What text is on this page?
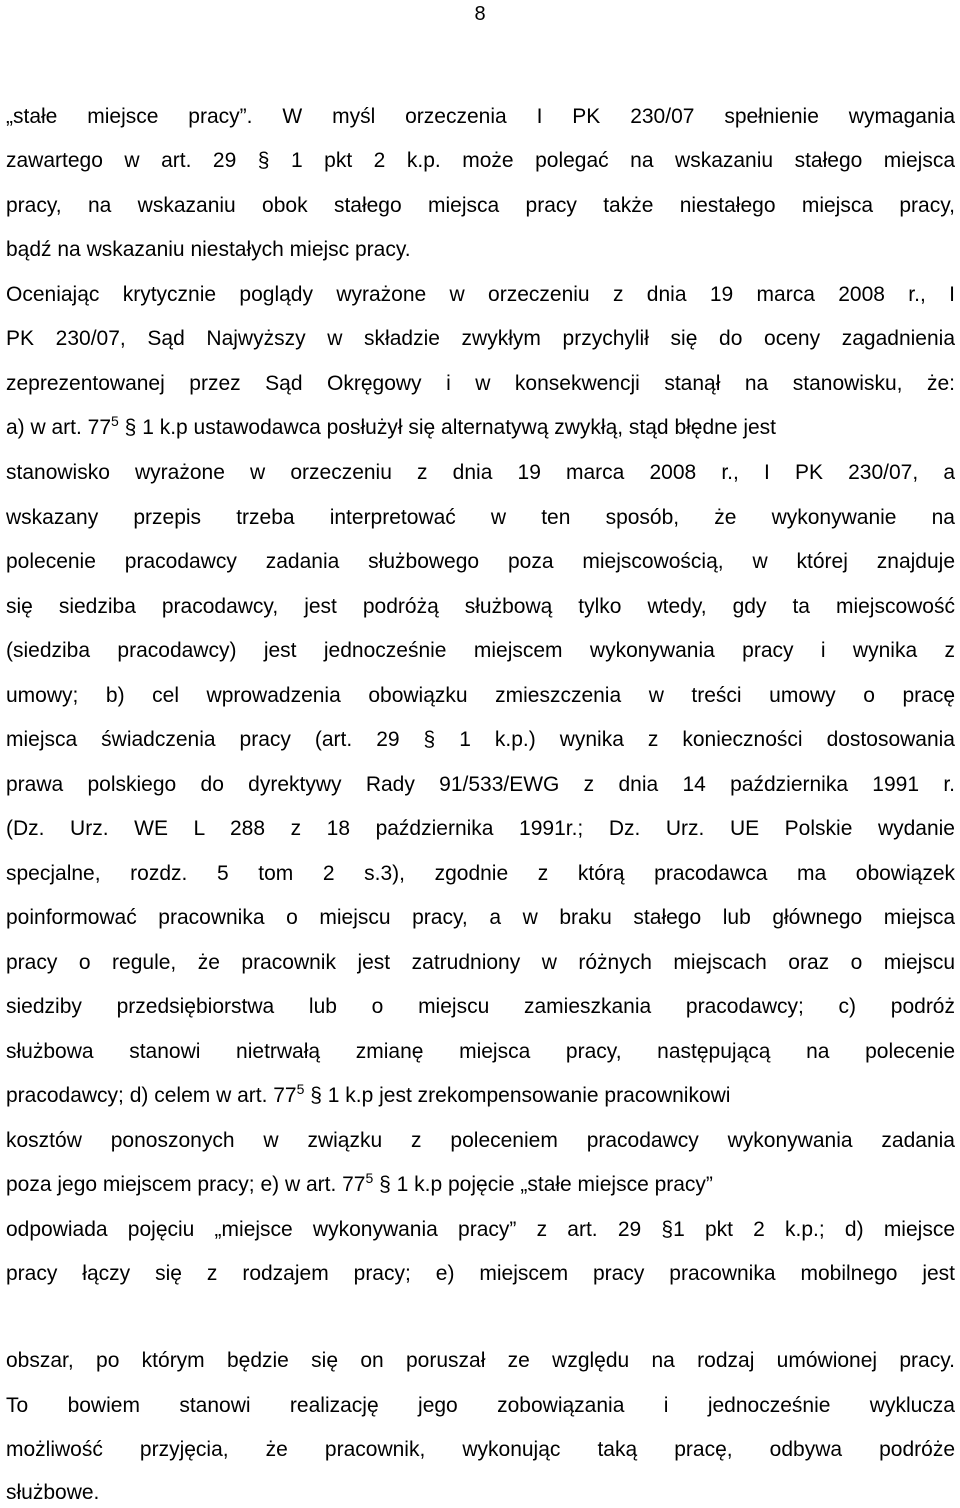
8
„stałe miejsce pracy”. W myśl orzeczenia I PK 230/07 spełnienie wymagania
zawartego w art. 29 § 1 pkt 2 k.p. może polegać na wskazaniu stałego miejsca
pracy, na wskazaniu obok stałego miejsca pracy także niestałego miejsca pracy,
bądź na wskazaniu niestałych miejsc pracy.
Oceniając krytycznie poglądy wyrażone w orzeczeniu z dnia 19 marca 2008 r., I
PK 230/07, Sąd Najwyższy w składzie zwykłym przychylił się do oceny zagadnienia
zeprezentowanej przez Sąd Okręgowy i w konsekwencji stanął na stanowisku, że:
a) w art. $77^5$ § 1 k.p ustawodawca posłużył się alternatywą zwykłą, stąd błędne jest
stanowisko wyrażone w orzeczeniu z dnia 19 marca 2008 r., I PK 230/07, a
wskazany przepis trzeba interpretować w ten sposób, że wykonywanie na
polecenie pracodawcy zadania służbowego poza miejscowością, w której znajduje
się siedziba pracodawcy, jest podróżą służbową tylko wtedy, gdy ta miejscowość
(siedziba pracodawcy) jest jednocześnie miejscem wykonywania pracy i wynika z
umowy; b) cel wprowadzenia obowiązku zmieszczenia w treści umowy o pracę
miejsca świadczenia pracy (art. 29 § 1 k.p.) wynika z konieczności dostosowania
prawa polskiego do dyrektywy Rady 91/533/EWG z dnia 14 października 1991 r.
(Dz. Urz. WE L 288 z 18 października 1991r.; Dz. Urz. UE Polskie wydanie
specjalne, rozdz. 5 tom 2 s.3), zgodnie z którą pracodawca ma obowiązek
poinformować pracownika o miejscu pracy, a w braku stałego lub głównego miejsca
pracy o regule, że pracownik jest zatrudniony w różnych miejscach oraz o miejscu
siedziby przedsiębiorstwa lub o miejscu zamieszkania pracodawcy; c) podróż
służbowa stanowi nietrwałą zmianę miejsca pracy, następującą na polecenie
pracodawcy; d) celem w art. $77^5$ § 1 k.p jest zrekompensowanie pracownikowi
kosztów ponoszonych w związku z poleceniem pracodawcy wykonywania zadania
poza jego miejscem pracy; e) w art. $77^5$ § 1 k.p pojęcie „stałe miejsce pracy”
odpowiada pojęciu „miejsce wykonywania pracy” z art. 29 §1 pkt 2 k.p.; d) miejsce
pracy łączy się z rodzajem pracy; e) miejscem pracy pracownika mobilnego jest
obszar, po którym będzie się on poruszał ze względu na rodzaj umówionej pracy.
To bowiem stanowi realizację jego zobowiązania i jednocześnie wyklucza
możliwość przyjęcia, że pracownik, wykonując taką pracę, odbywa podróże
służbowe.
